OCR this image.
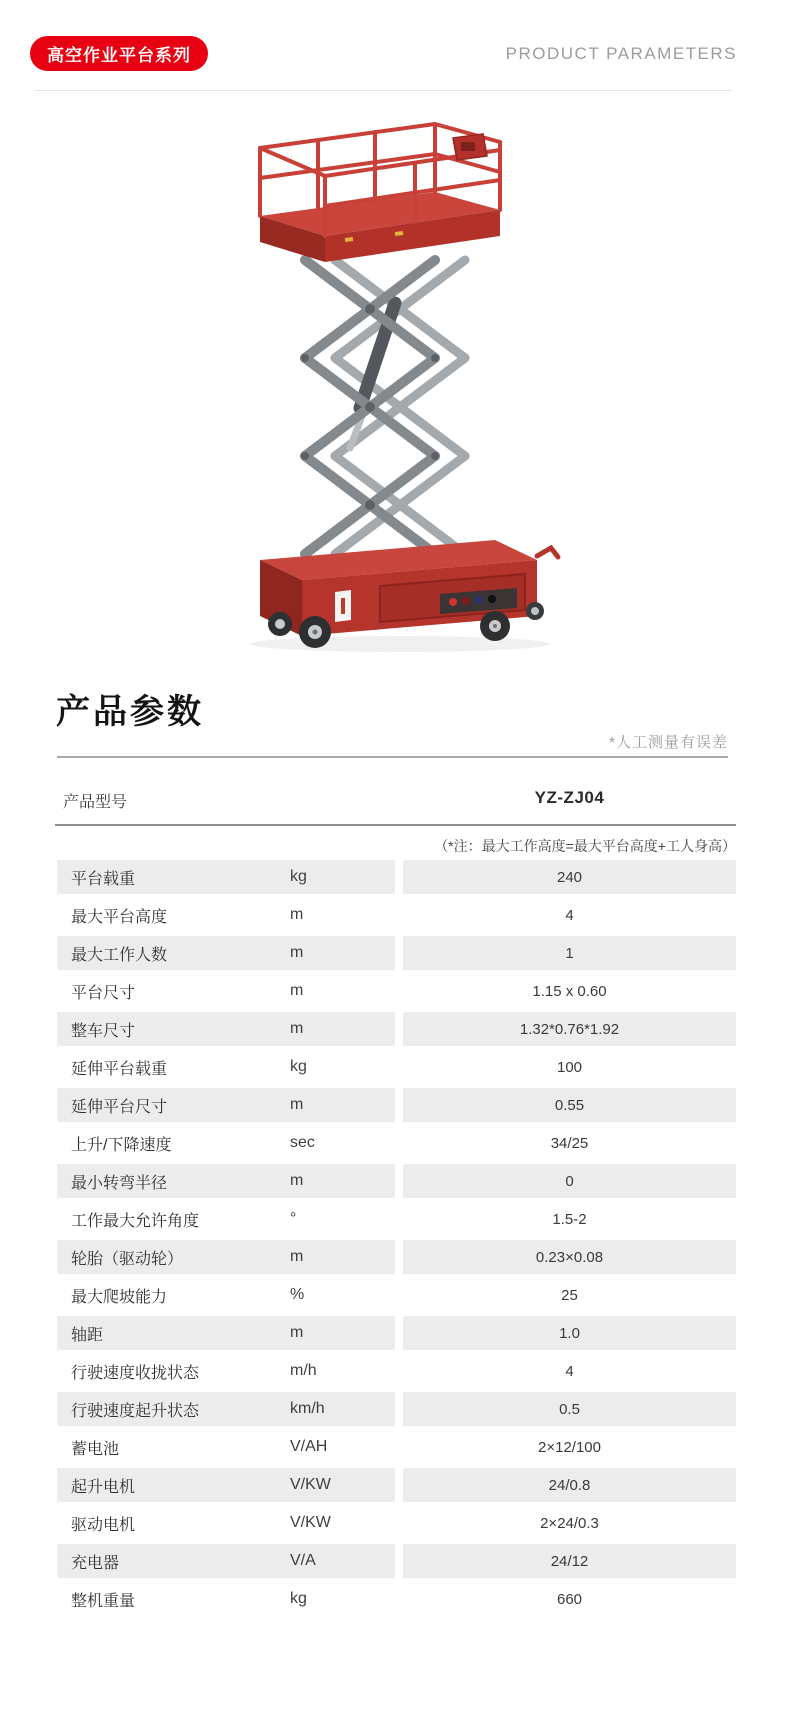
高空作业平台系列	PRODUCT PARAMETERS
产品参数
*人工测量有误差
产品型号	YZ-ZJ04
（*注：最大工作高度=最大平台高度+工人身高）
平台载重	kg	240
最大平台高度	m	4
最大工作人数	m	1
平台尺寸	m	1.15 x 0.60
整车尺寸	m	1.32*0.76*1.92
延伸平台载重	kg	100
延伸平台尺寸	m	0.55
上升/下降速度	sec	34/25
最小转弯半径	m	0
工作最大允许角度	°	1.5-2
轮胎（驱动轮）	m	0.23×0.08
最大爬坡能力	%	25
轴距	m	1.0
行驶速度收拢状态	m/h	4
行驶速度起升状态	km/h	0.5
蓄电池	V/AH	2×12/100
起升电机	V/KW	24/0.8
驱动电机	V/KW	2×24/0.3
充电器	V/A	24/12
整机重量	kg	660
